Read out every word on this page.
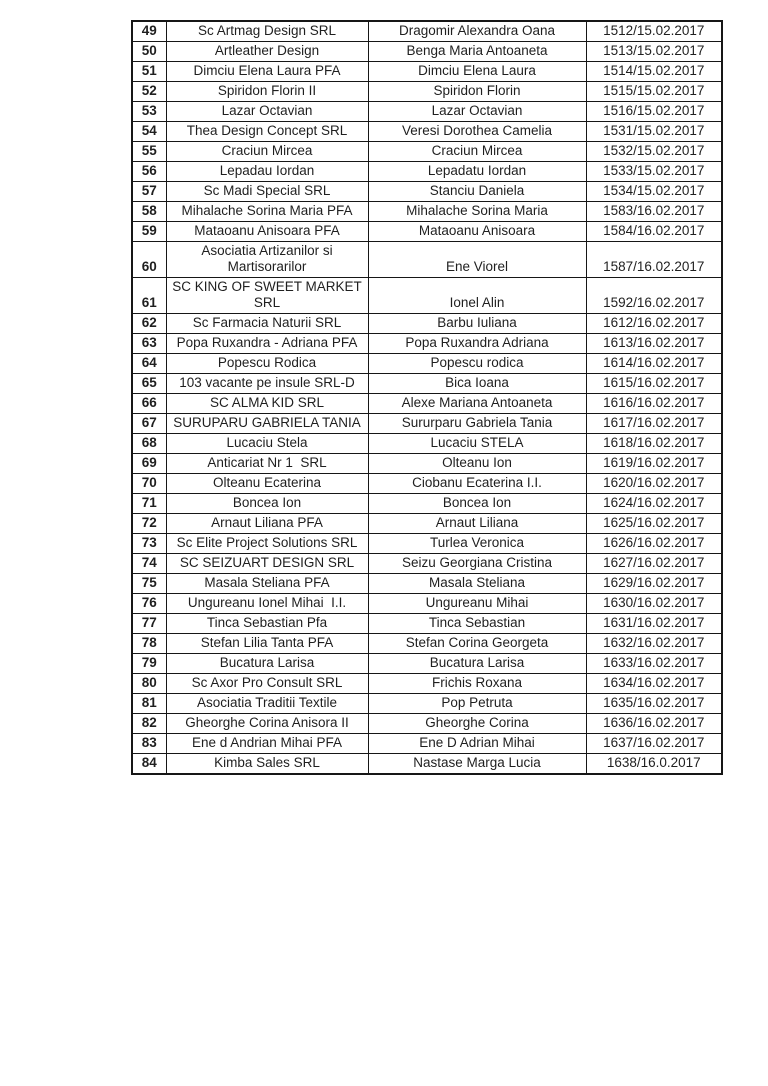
49	Sc Artmag Design SRL	Dragomir Alexandra Oana	1512/15.02.2017
50	Artleather Design	Benga Maria Antoaneta	1513/15.02.2017
51	Dimciu Elena Laura PFA	Dimciu Elena Laura	1514/15.02.2017
52	Spiridon Florin II	Spiridon Florin	1515/15.02.2017
53	Lazar Octavian	Lazar Octavian	1516/15.02.2017
54	Thea Design Concept SRL	Veresi Dorothea Camelia	1531/15.02.2017
55	Craciun Mircea	Craciun Mircea	1532/15.02.2017
56	Lepadau Iordan	Lepadatu Iordan	1533/15.02.2017
57	Sc Madi Special SRL	Stanciu Daniela	1534/15.02.2017
58	Mihalache Sorina Maria PFA	Mihalache Sorina Maria	1583/16.02.2017
59	Mataoanu Anisoara PFA	Mataoanu Anisoara	1584/16.02.2017
60	Asociatia Artizanilor si Martisorarilor	Ene Viorel	1587/16.02.2017
61	SC KING OF SWEET MARKET SRL	Ionel Alin	1592/16.02.2017
62	Sc Farmacia Naturii SRL	Barbu Iuliana	1612/16.02.2017
63	Popa Ruxandra - Adriana PFA	Popa Ruxandra Adriana	1613/16.02.2017
64	Popescu Rodica	Popescu rodica	1614/16.02.2017
65	103 vacante pe insule SRL-D	Bica Ioana	1615/16.02.2017
66	SC ALMA KID SRL	Alexe Mariana Antoaneta	1616/16.02.2017
67	SURUPARU GABRIELA TANIA	Sururparu Gabriela Tania	1617/16.02.2017
68	Lucaciu Stela	Lucaciu STELA	1618/16.02.2017
69	Anticariat Nr 1  SRL	Olteanu Ion	1619/16.02.2017
70	Olteanu Ecaterina	Ciobanu Ecaterina I.I.	1620/16.02.2017
71	Boncea Ion	Boncea Ion	1624/16.02.2017
72	Arnaut Liliana PFA	Arnaut Liliana	1625/16.02.2017
73	Sc Elite Project Solutions SRL	Turlea Veronica	1626/16.02.2017
74	SC SEIZUART DESIGN SRL	Seizu Georgiana Cristina	1627/16.02.2017
75	Masala Steliana PFA	Masala Steliana	1629/16.02.2017
76	Ungureanu Ionel Mihai  I.I.	Ungureanu Mihai	1630/16.02.2017
77	Tinca Sebastian Pfa	Tinca Sebastian	1631/16.02.2017
78	Stefan Lilia Tanta PFA	Stefan Corina Georgeta	1632/16.02.2017
79	Bucatura Larisa	Bucatura Larisa	1633/16.02.2017
80	Sc Axor Pro Consult SRL	Frichis Roxana	1634/16.02.2017
81	Asociatia Traditii Textile	Pop Petruta	1635/16.02.2017
82	Gheorghe Corina Anisora II	Gheorghe Corina	1636/16.02.2017
83	Ene d Andrian Mihai PFA	Ene D Adrian Mihai	1637/16.02.2017
84	Kimba Sales SRL	Nastase Marga Lucia	1638/16.0.2017
